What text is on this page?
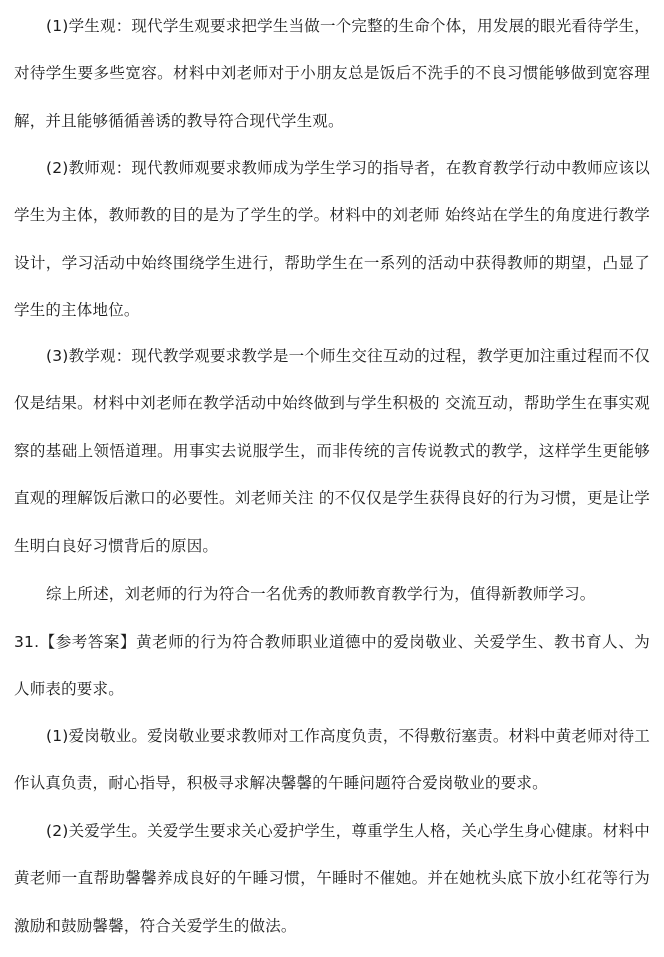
(1)学生观：现代学生观要求把学生当做一个完整的生命个体，用发展的眼光看待学生，对待学生要多些宽容。材料中刘老师对于小朋友总是饭后不洗手的不良习惯能够做到宽容理解，并且能够循循善诱的教导符合现代学生观。

(2)教师观：现代教师观要求教师成为学生学习的指导者，在教育教学行动中教师应该以学生为主体，教师教的目的是为了学生的学。材料中的刘老师 始终站在学生的角度进行教学设计，学习活动中始终围绕学生进行，帮助学生在一系列的活动中获得教师的期望，凸显了学生的主体地位。

(3)教学观：现代教学观要求教学是一个师生交往互动的过程，教学更加注重过程而不仅仅是结果。材料中刘老师在教学活动中始终做到与学生积极的 交流互动，帮助学生在事实观察的基础上领悟道理。用事实去说服学生，而非传统的言传说教式的教学，这样学生更能够直观的理解饭后漱口的必要性。刘老师关注 的不仅仅是学生获得良好的行为习惯，更是让学生明白良好习惯背后的原因。

综上所述，刘老师的行为符合一名优秀的教师教育教学行为，值得新教师学习。

31.【参考答案】黄老师的行为符合教师职业道德中的爱岗敬业、关爱学生、教书育人、为人师表的要求。

(1)爱岗敬业。爱岗敬业要求教师对工作高度负责，不得敷衍塞责。材料中黄老师对待工作认真负责，耐心指导，积极寻求解决馨馨的午睡问题符合爱岗敬业的要求。

(2)关爱学生。关爱学生要求关心爱护学生，尊重学生人格，关心学生身心健康。材料中黄老师一直帮助馨馨养成良好的午睡习惯，午睡时不催她。并在她枕头底下放小红花等行为激励和鼓励馨馨，符合关爱学生的做法。
